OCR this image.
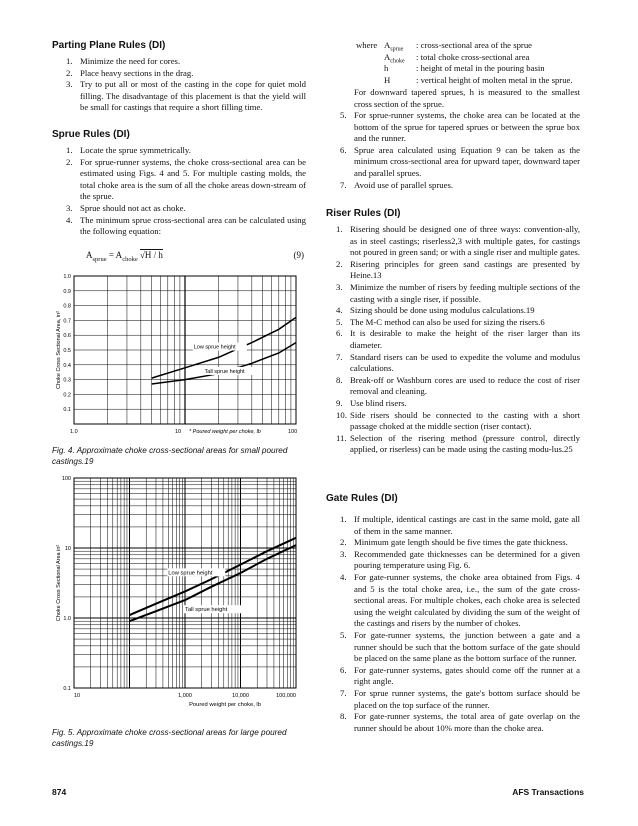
Parting Plane Rules (DI)
1. Minimize the need for cores.
2. Place heavy sections in the drag.
3. Try to put all or most of the casting in the cope for quiet mold filling. The disadvantage of this placement is that the yield will be small for castings that require a short filling time.
Sprue Rules (DI)
1. Locate the sprue symmetrically.
2. For sprue-runner systems, the choke cross-sectional area can be estimated using Figs. 4 and 5. For multiple casting molds, the total choke area is the sum of all the choke areas down-stream of the sprue.
3. Sprue should not act as choke.
4. The minimum sprue cross-sectional area can be calculated using the following equation:
$A_{sprue} = A_{choke}$ √H / h	(9)
1.0
0.9
0.8
0.7
0.6
0.5
0.4
0.3
0.2
0.1
1.0	10	100
* Poured weight per choke, lb
Choke Cross Sectional Area, in²	Low sprue height
Tall sprue height
Fig. 4. Approximate choke cross-sectional areas for small poured castings.19
100
10
1.0
0.1
10	1,000	10,000	100,000
Poured weight per choke, lb
Choke Cross Sectional Area in²	Low sprue height
Tall sprue height
Fig. 5. Approximate choke cross-sectional areas for large poured castings.19
where $A_{sprue}$ : cross-sectional area of the sprue
$A_{choke}$ : total choke cross-sectional area
h	: height of metal in the pouring basin
H	: vertical height of molten metal in the sprue.
For downward tapered sprues, h is measured to the smallest cross section of the sprue.
5. For sprue-runner systems, the choke area can be located at the bottom of the sprue for tapered sprues or between the sprue box and the runner.
6. Sprue area calculated using Equation 9 can be taken as the minimum cross-sectional area for upward taper, downward taper and parallel sprues.
7. Avoid use of parallel sprues.
Riser Rules (DI)
1. Risering should be designed one of three ways: convention-ally, as in steel castings; riserless2,3 with multiple gates, for castings not poured in green sand; or with a single riser and multiple gates.
2. Risering principles for green sand castings are presented by Heine.13
3. Minimize the number of risers by feeding multiple sections of the casting with a single riser, if possible.
4. Sizing should be done using modulus calculations.19
5. The M-C method can also be used for sizing the risers.6
6. It is desirable to make the height of the riser larger than its diameter.
7. Standard risers can be used to expedite the volume and modulus calculations.
8. Break-off or Washburn cores are used to reduce the cost of riser removal and cleaning.
9. Use blind risers.
10. Side risers should be connected to the casting with a short passage choked at the middle section (riser contact).
11. Selection of the risering method (pressure control, directly applied, or riserless) can be made using the casting modu-lus.25
Gate Rules (DI)
1. If multiple, identical castings are cast in the same mold, gate all of them in the same manner.
2. Minimum gate length should be five times the gate thickness.
3. Recommended gate thicknesses can be determined for a given pouring temperature using Fig. 6.
4. For gate-runner systems, the choke area obtained from Figs. 4 and 5 is the total choke area, i.e., the sum of the gate cross-sectional areas. For multiple chokes, each choke area is selected using the weight calculated by dividing the sum of the weight of the castings and risers by the number of chokes.
5. For gate-runner systems, the junction between a gate and a runner should be such that the bottom surface of the gate should be placed on the same plane as the bottom surface of the runner.
6. For gate-runner systems, gates should come off the runner at a right angle.
7. For sprue runner systems, the gate's bottom surface should be placed on the top surface of the runner.
8. For gate-runner systems, the total area of gate overlap on the runner should be about 10% more than the choke area.
874	AFS Transactions
